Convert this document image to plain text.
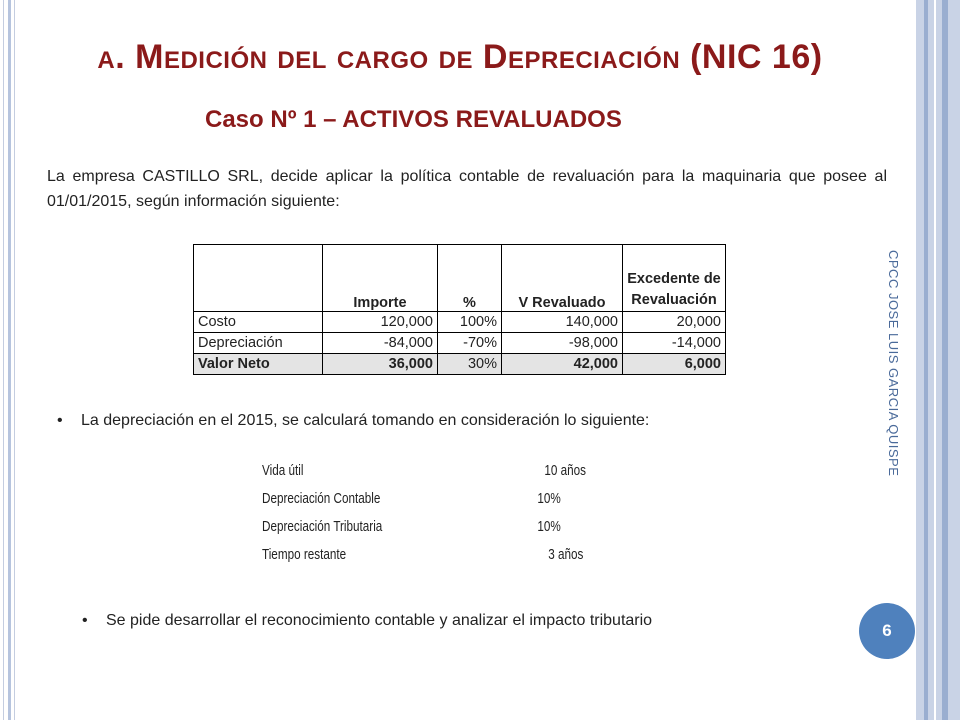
a. Medición del cargo de Depreciación (NIC 16)
Caso Nº 1 – ACTIVOS REVALUADOS
La empresa CASTILLO SRL, decide aplicar la política contable de revaluación para la maquinaria que posee al 01/01/2015, según información siguiente:
	Importe	%	V Revaluado	Excedente de Revaluación
Costo	120,000	100%	140,000	20,000
Depreciación	-84,000	-70%	-98,000	-14,000
Valor Neto	36,000	30%	42,000	6,000
• La depreciación en el 2015, se calculará tomando en consideración lo siguiente:
Vida útil	10 años
Depreciación Contable	10%
Depreciación Tributaria	10%
Tiempo restante	3 años
• Se pide desarrollar el reconocimiento contable y analizar el impacto tributario
CPCC JOSE LUIS GARCIA QUISPE
6
